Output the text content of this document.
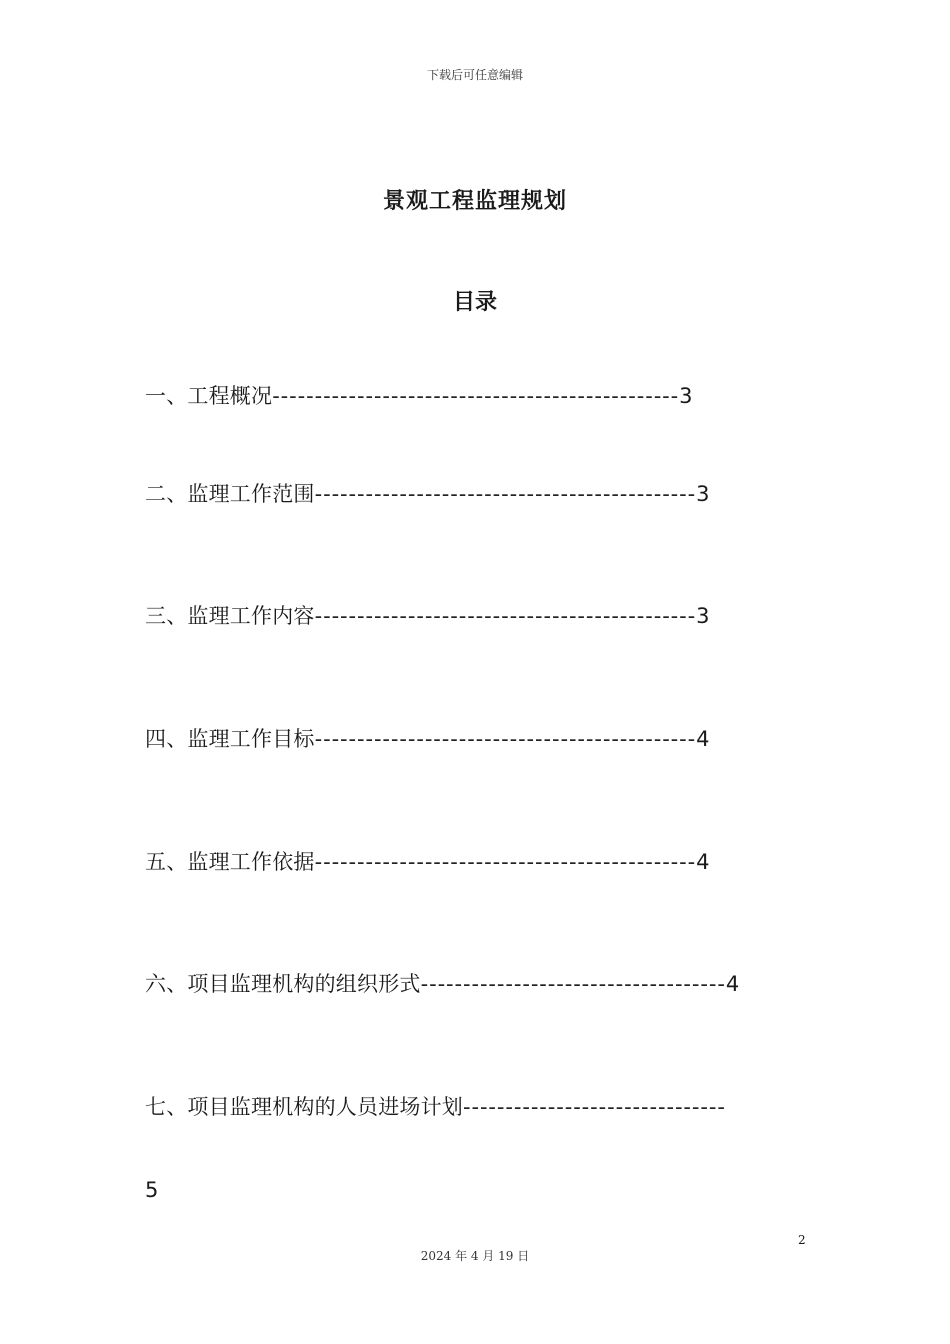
下载后可任意编辑
景观工程监理规划
目录
一、工程概况------------------------------------------------3
二、监理工作范围---------------------------------------------3
三、监理工作内容---------------------------------------------3
四、监理工作目标---------------------------------------------4
五、监理工作依据---------------------------------------------4
六、项目监理机构的组织形式------------------------------------4
七、项目监理机构的人员进场计划-------------------------------
5
2
2024 年 4 月 19 日
